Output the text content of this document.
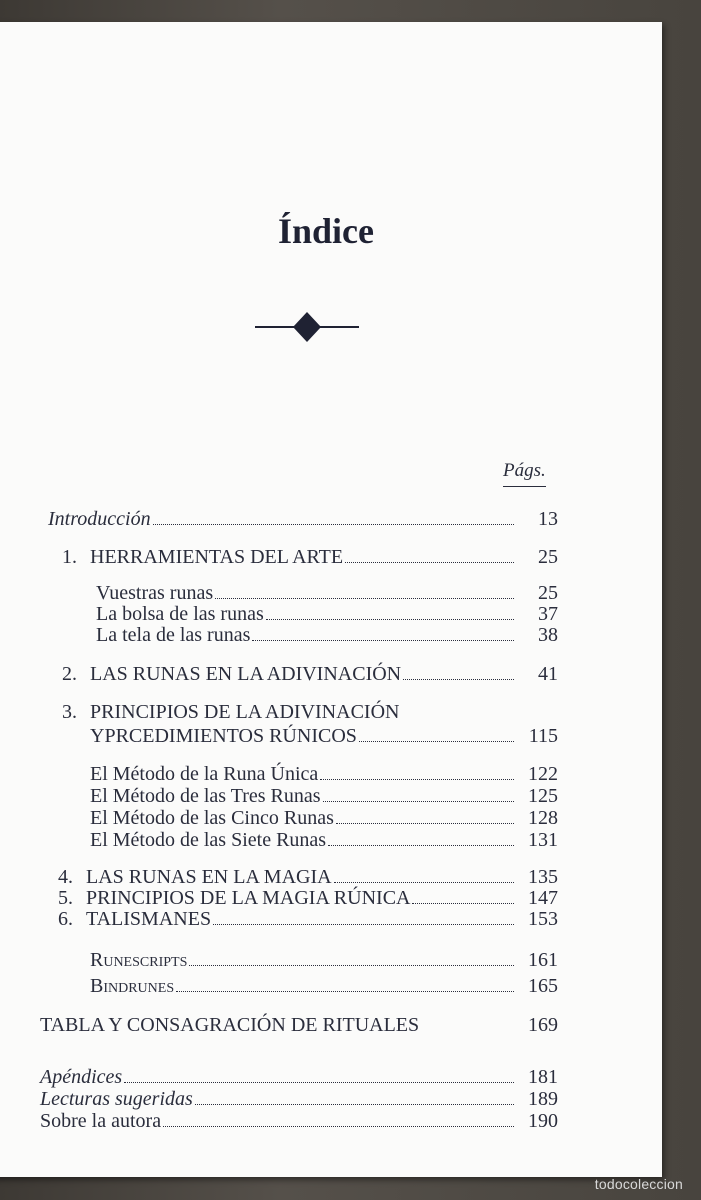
Índice
Págs.
Introducción	13
1. HERRAMIENTAS DEL ARTE	25
Vuestras runas	25
La bolsa de las runas	37
La tela de las runas	38
2. LAS RUNAS EN LA ADIVINACIÓN	41
3. PRINCIPIOS DE LA ADIVINACIÓN
YPRCEDIMIENTOS RÚNICOS	115
El Método de la Runa Única	122
El Método de las Tres Runas	125
El Método de las Cinco Runas	128
El Método de las Siete Runas	131
4. LAS RUNAS EN LA MAGIA	135
5. PRINCIPIOS DE LA MAGIA RÚNICA	147
6. TALISMANES	153
Runescripts	161
Bindrunes	165
TABLA Y CONSAGRACIÓN DE RITUALES	169
Apéndices	181
Lecturas sugeridas	189
Sobre la autora	190
todocoleccion
